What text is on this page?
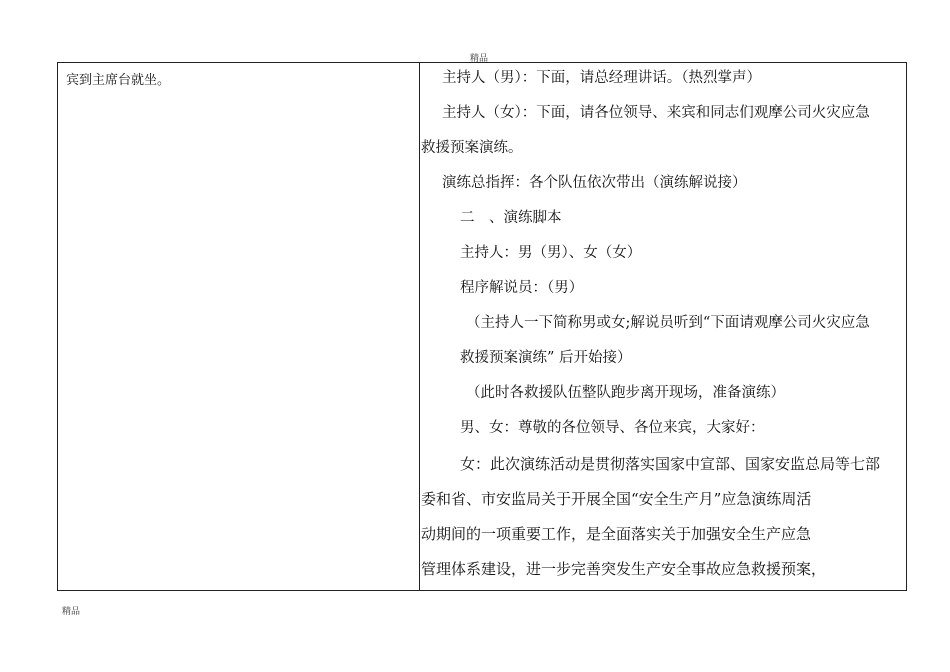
精品
宾到主席台就坐。	主持人（男）：下面，请总经理讲话。（热烈掌声）
主持人（女）：下面，请各位领导、来宾和同志们观摩公司火灾应急
救援预案演练。
演练总指挥：各个队伍依次带出（演练解说接）
二　、演练脚本
主持人：男（男）、女（女）
程序解说员：（男）
（主持人一下简称男或女;解说员听到“下面请观摩公司火灾应急
救援预案演练” 后开始接）
（此时各救援队伍整队跑步离开现场，准备演练）
男、女：尊敬的各位领导、各位来宾，大家好：
女：此次演练活动是贯彻落实国家中宣部、国家安监总局等七部
委和省、市安监局关于开展全国“安全生产月”应急演练周活
动期间的一项重要工作，是全面落实关于加强安全生产应急
管理体系建设，进一步完善突发生产安全事故应急救援预案，
精品
